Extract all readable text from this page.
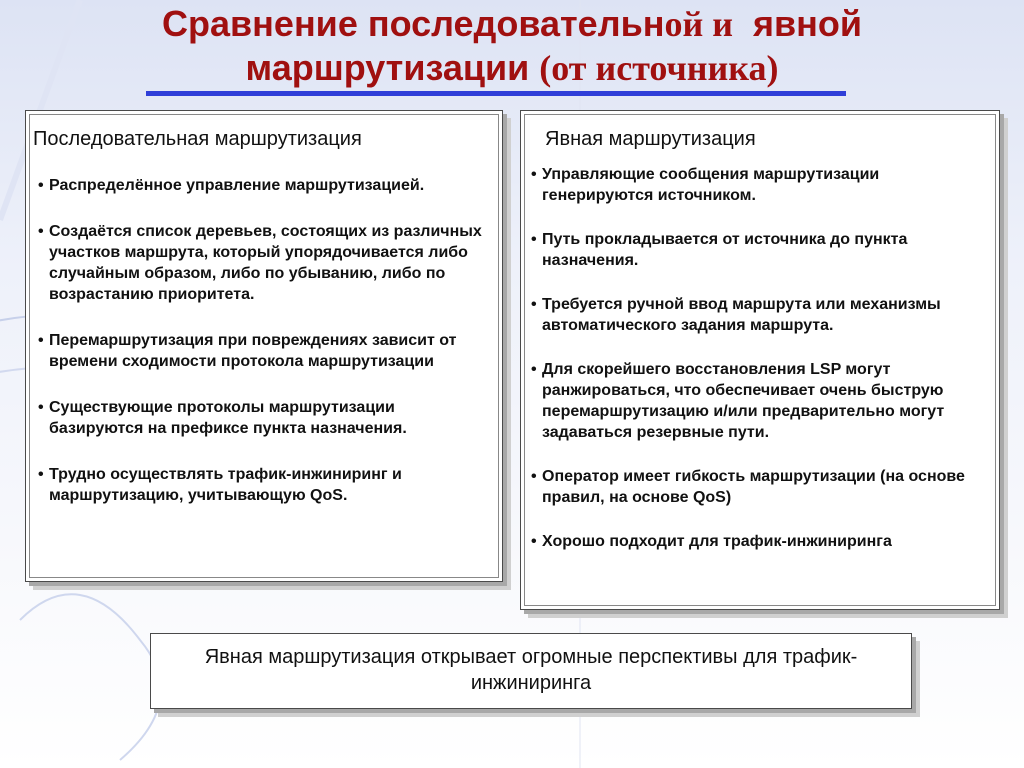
Сравнение последовательной и явной
маршрутизации (от источника)
Последовательная маршрутизация	Явная маршрутизация
• Распределённое управление маршрутизацией.
• Создаётся список деревьев, состоящих из различных участков маршрута, который упорядочивается либо случайным образом, либо по убыванию, либо по возрастанию приоритета.
• Перемаршрутизация при повреждениях зависит от времени сходимости протокола маршрутизации
• Существующие протоколы маршрутизации базируются на префиксе пункта назначения.
• Трудно осуществлять трафик-инжиниринг и маршрутизацию, учитывающую QoS.
• Управляющие сообщения маршрутизации генерируются источником.
• Путь прокладывается от источника до пункта назначения.
• Требуется ручной ввод маршрута или механизмы автоматического задания маршрута.
• Для скорейшего восстановления LSP могут ранжироваться, что обеспечивает очень быструю перемаршрутизацию и/или предварительно могут задаваться резервные пути.
• Оператор имеет гибкость маршрутизации (на основе правил, на основе QoS)
• Хорошо подходит для трафик-инжиниринга
Явная маршрутизация открывает огромные перспективы для трафик-инжиниринга
